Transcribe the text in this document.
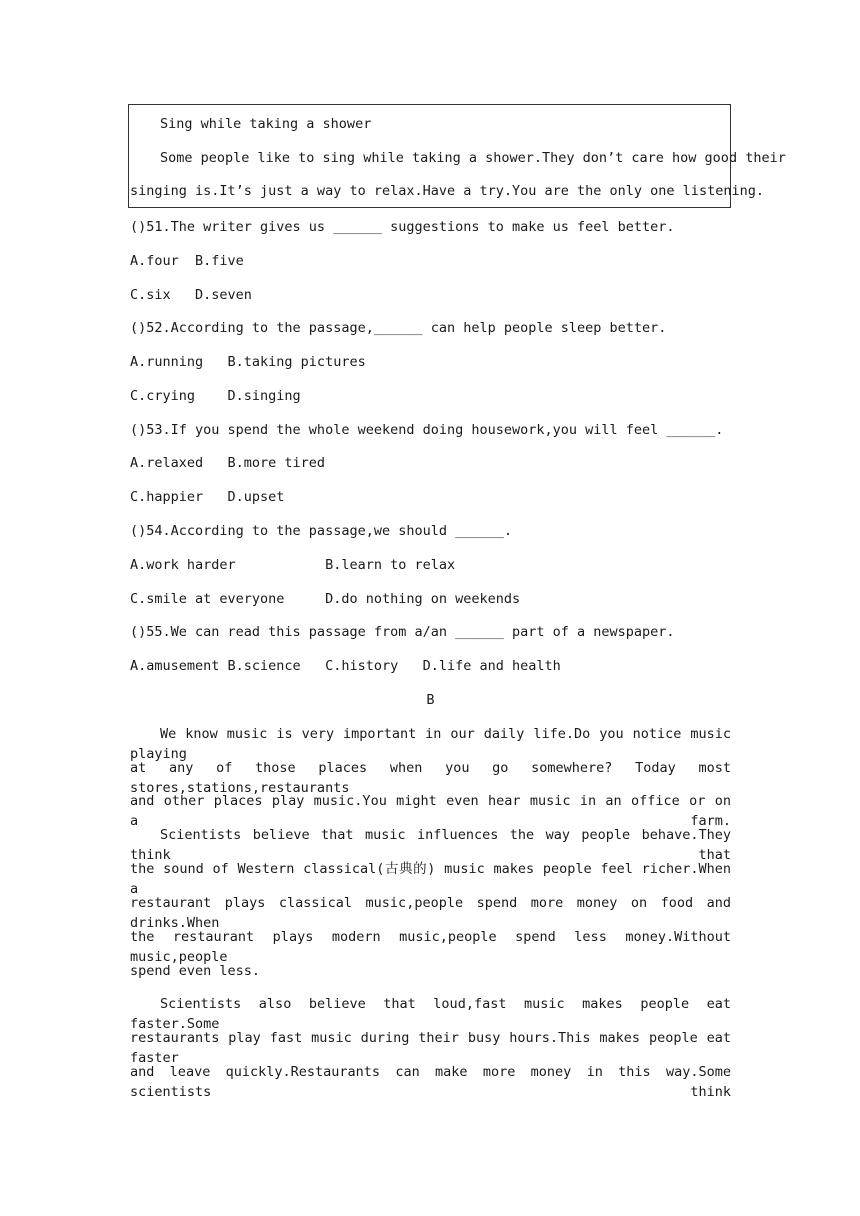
Sing while taking a shower
Some people like to sing while taking a shower.They don’t care how good their
singing is.It’s just a way to relax.Have a try.You are the only one listening.
()51.The writer gives us ______ suggestions to make us feel better.
A.four  B.five
C.six   D.seven
()52.According to the passage,______ can help people sleep better.
A.running   B.taking pictures
C.crying    D.singing
()53.If you spend the whole weekend doing housework,you will feel ______.
A.relaxed   B.more tired
C.happier   D.upset
()54.According to the passage,we should ______.
A.work harder           B.learn to relax
C.smile at everyone     D.do nothing on weekends
()55.We can read this passage from a/an ______ part of a newspaper.
A.amusement B.science   C.history   D.life and health
B
We know music is very important in our daily life.Do you notice music playing
at any of those places when you go somewhere? Today most stores,stations,restaurants
and other places play music.You might even hear music in an office or on a farm.
Scientists believe that music influences the way people behave.They think that
the sound of Western classical(古典的) music makes people feel richer.When a
restaurant plays classical music,people spend more money on food and drinks.When
the restaurant plays modern music,people spend less money.Without music,people
spend even less.
Scientists also believe that loud,fast music makes people eat faster.Some
restaurants play fast music during their busy hours.This makes people eat faster
and leave quickly.Restaurants can make more money in this way.Some scientists think
